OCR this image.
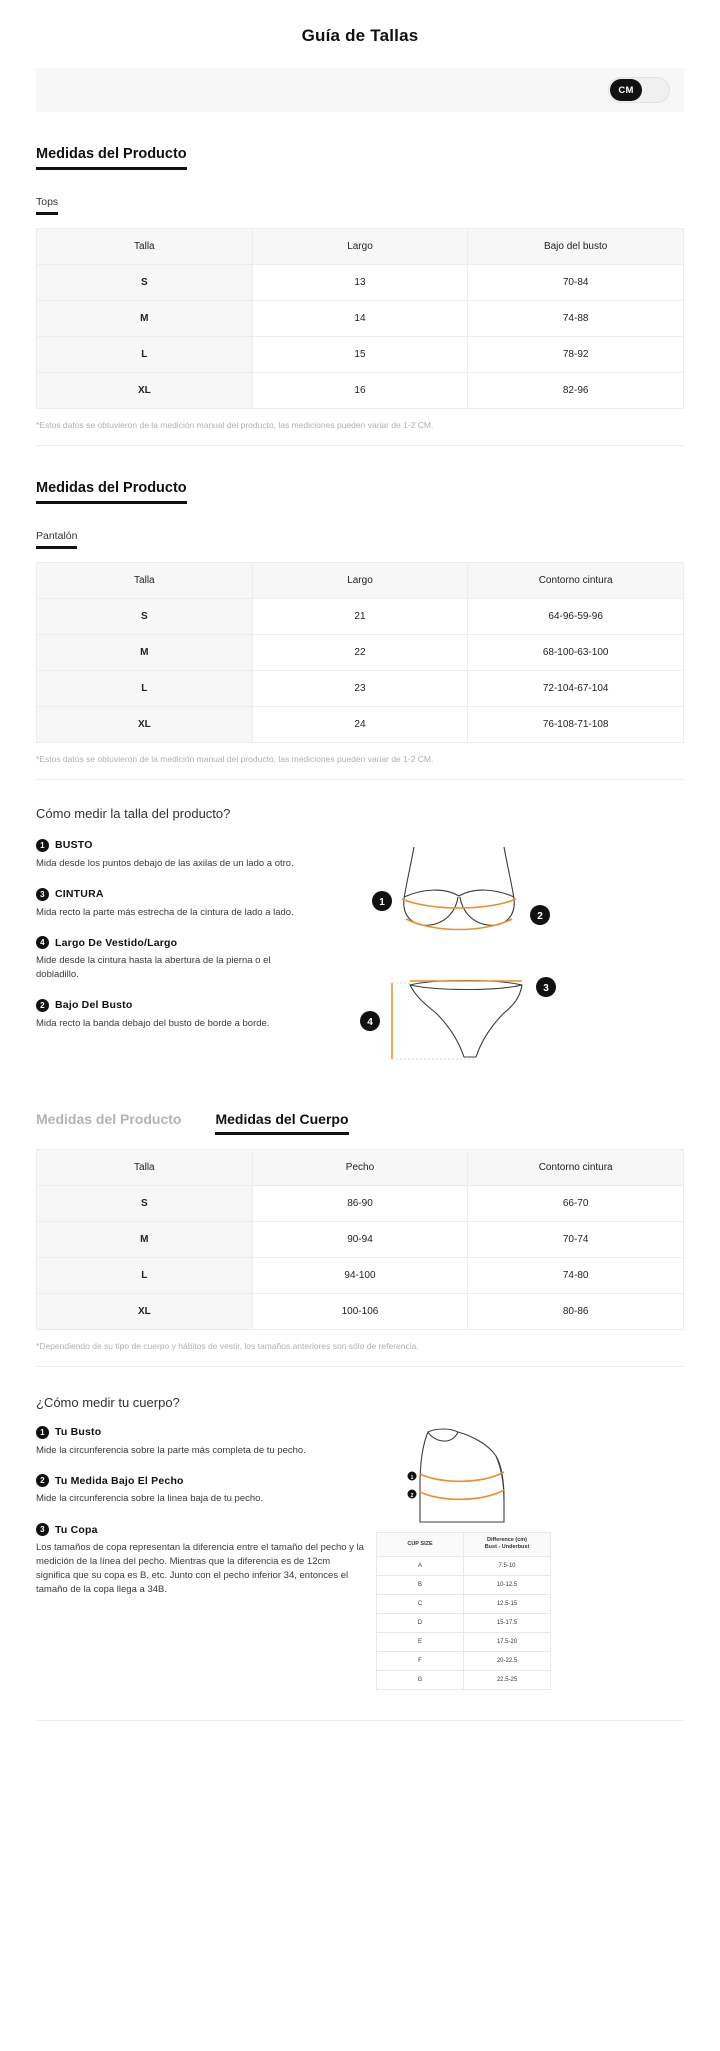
Guía de Tallas
CM
Medidas del Producto
Tops
Talla	Largo	Bajo del busto
S	13	70-84
M	14	74-88
L	15	78-92
XL	16	82-96
*Estos datos se obtuvieron de la medición manual del producto, las mediciones pueden variar de 1-2 CM.
Medidas del Producto
Pantalón
Talla	Largo	Contorno cintura
S	21	64-96-59-96
M	22	68-100-63-100
L	23	72-104-67-104
XL	24	76-108-71-108
*Estos datos se obtuvieron de la medición manual del producto, las mediciones pueden variar de 1-2 CM.
Cómo medir la talla del producto?
1 BUSTO
Mida desde los puntos debajo de las axilas de un lado a otro.
3 CINTURA
Mida recto la parte más estrecha de la cintura de lado a lado.
4 Largo De Vestido/Largo
Mide desde la cintura hasta la abertura de la pierna o el dobladillo.
2 Bajo Del Busto
Mida recto la banda debajo del busto de borde a borde.
1
2
3
4
Medidas del Producto Medidas del Cuerpo
Talla	Pecho	Contorno cintura
S	86-90	66-70
M	90-94	70-74
L	94-100	74-80
XL	100-106	80-86
*Dependiendo de su tipo de cuerpo y hábitos de vestir, los tamaños anteriores son sólo de referencia.
¿Cómo medir tu cuerpo?
1 Tu Busto
Mide la circunferencia sobre la parte más completa de tu pecho.
2 Tu Medida Bajo El Pecho
Mide la circunferencia sobre la linea baja de tu pecho.
3 Tu Copa
Los tamaños de copa representan la diferencia entre el tamaño del pecho y la medición de la línea del pecho. Mientras que la diferencia es de 12cm significa que su copa es B, etc. Junto con el pecho inferior 34, entonces el tamaño de la copa llega a 34B.
1
2
CUP SIZE	Difference (cm)
Bust - Underbust

A	7.5-10
B	10-12.5
C	12.5-15
D	15-17.5
E	17.5-20
F	20-22.5
G	22.5-25
